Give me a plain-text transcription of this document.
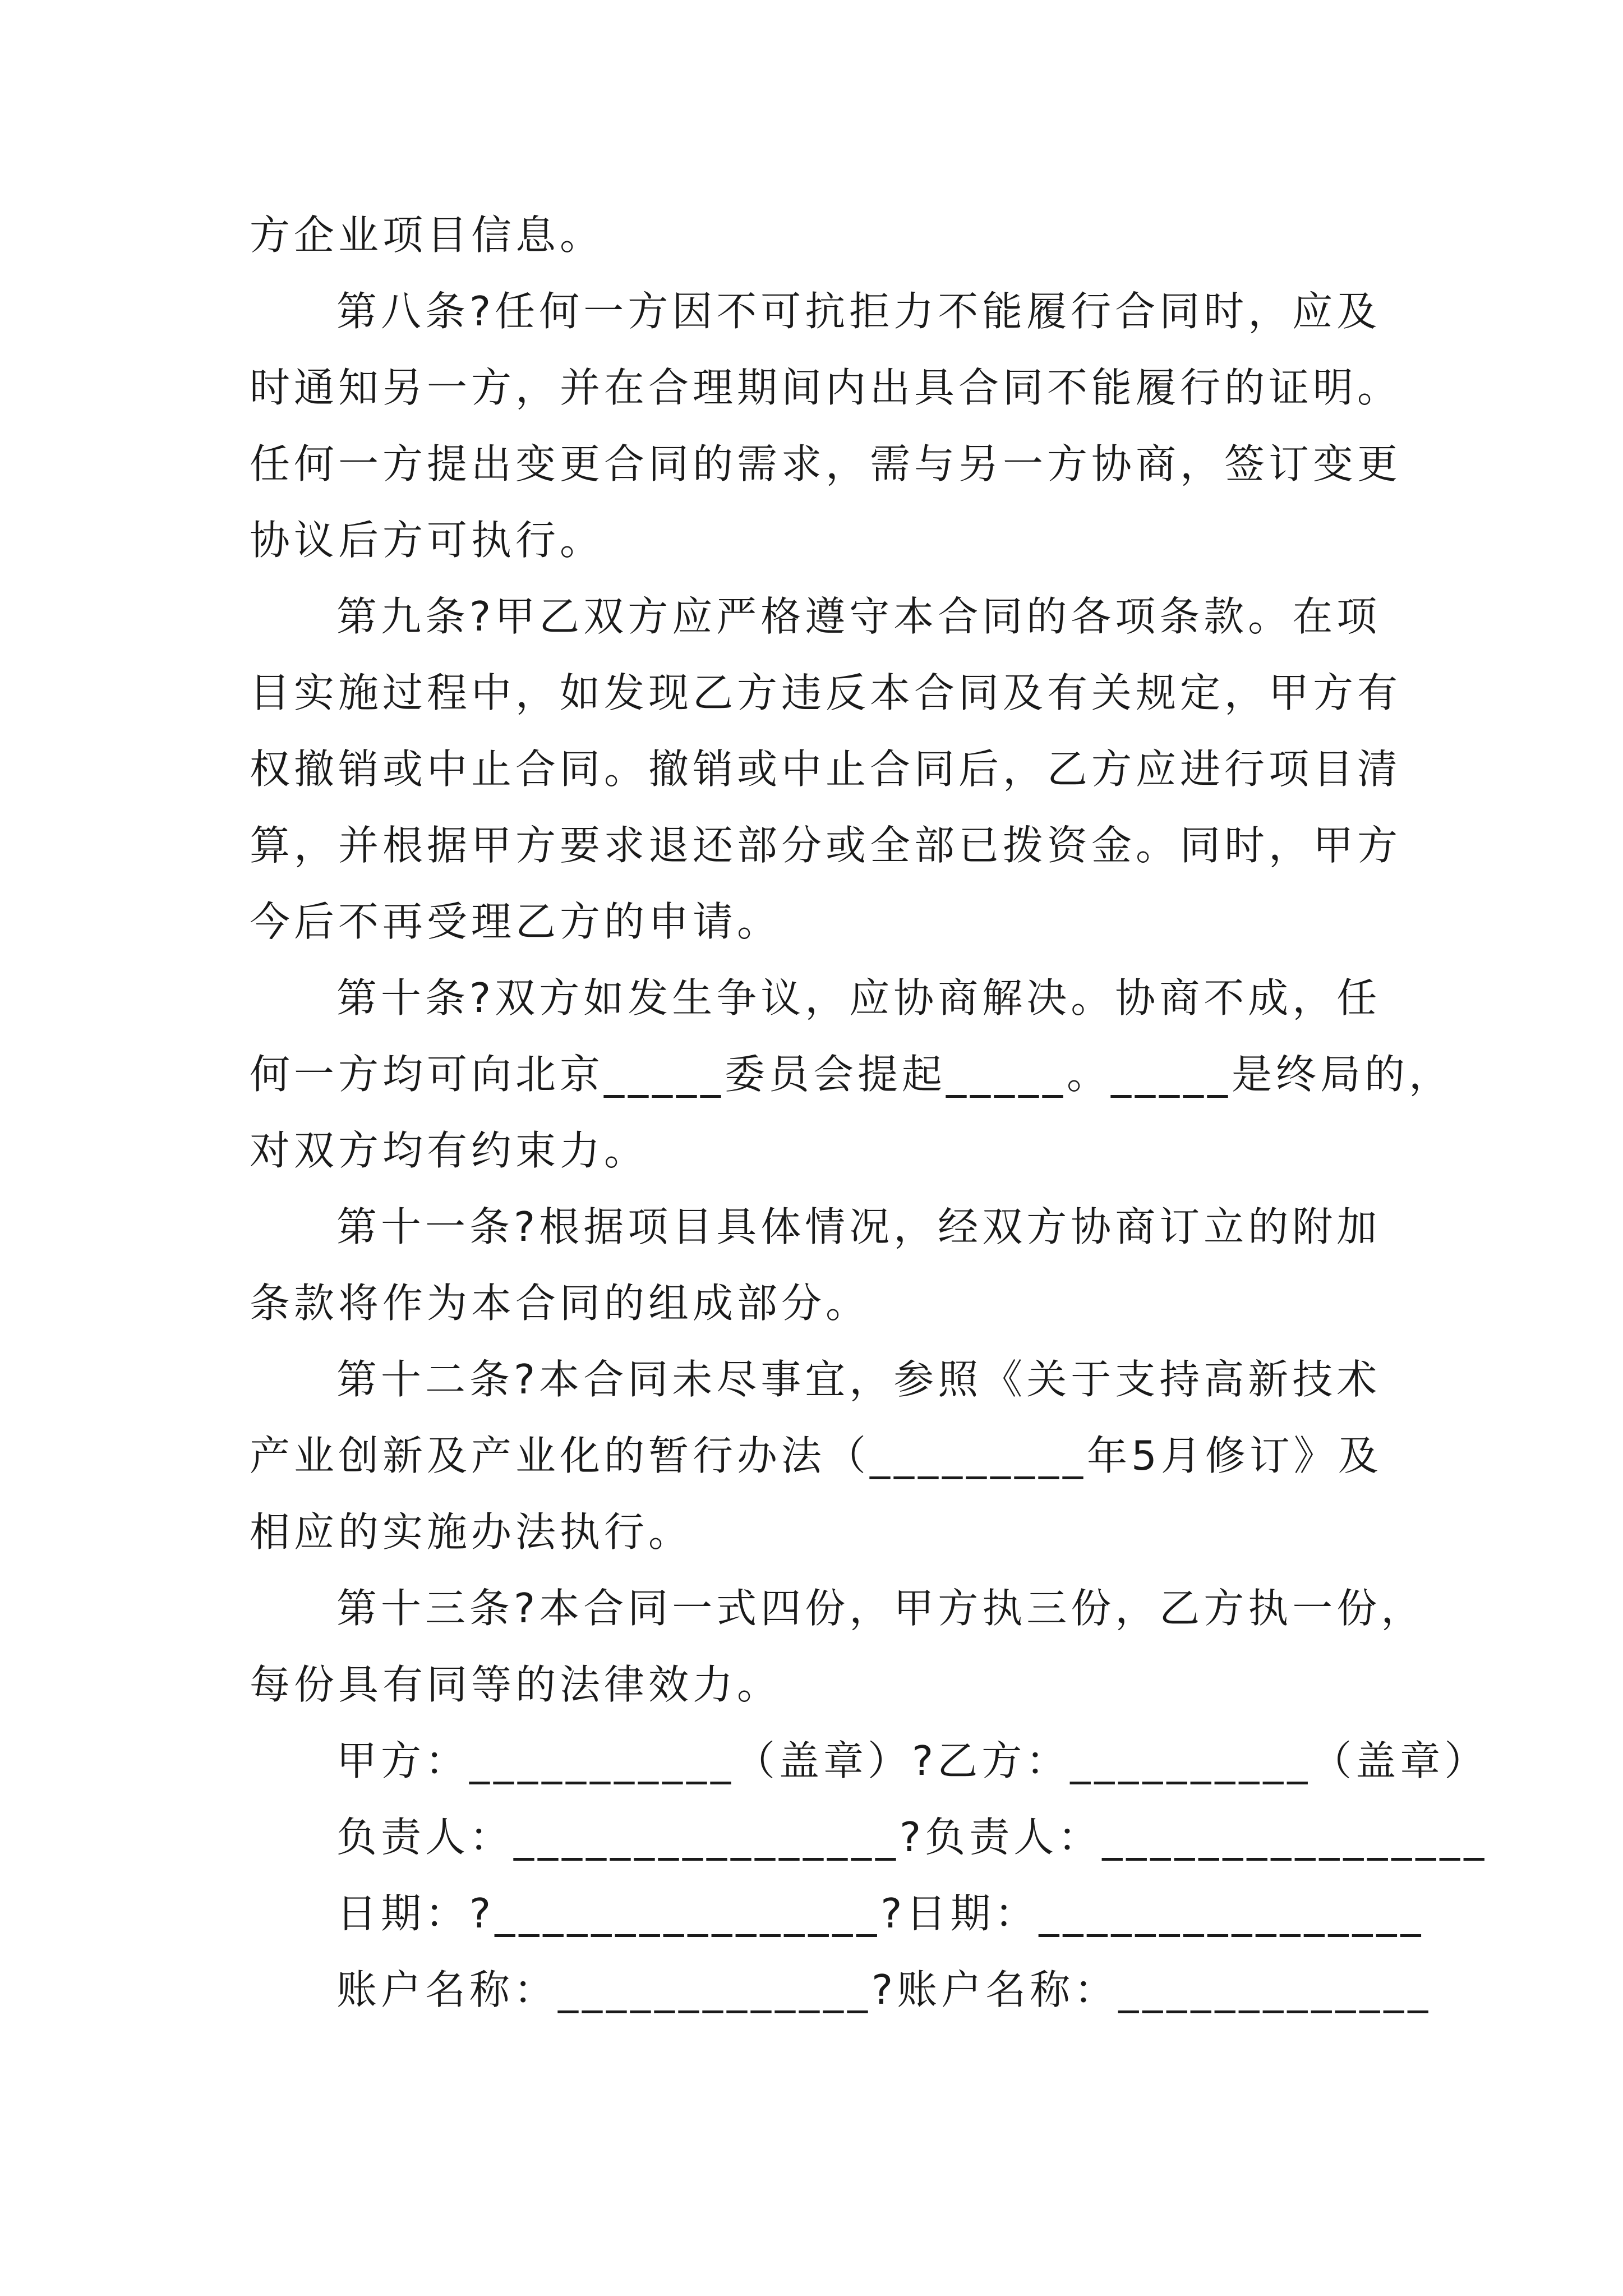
方企业项目信息。
第八条?任何一方因不可抗拒力不能履行合同时，应及
时通知另一方，并在合理期间内出具合同不能履行的证明。
任何一方提出变更合同的需求，需与另一方协商，签订变更
协议后方可执行。
第九条?甲乙双方应严格遵守本合同的各项条款。在项
目实施过程中，如发现乙方违反本合同及有关规定，甲方有
权撤销或中止合同。撤销或中止合同后，乙方应进行项目清
算，并根据甲方要求退还部分或全部已拨资金。同时，甲方
今后不再受理乙方的申请。
第十条?双方如发生争议，应协商解决。协商不成，任
何一方均可向北京_____委员会提起_____。_____是终局的，
对双方均有约束力。
第十一条?根据项目具体情况，经双方协商订立的附加
条款将作为本合同的组成部分。
第十二条?本合同未尽事宜，参照《关于支持高新技术
产业创新及产业化的暂行办法（_________年5月修订》及
相应的实施办法执行。
第十三条?本合同一式四份，甲方执三份，乙方执一份，
每份具有同等的法律效力。
甲方：___________（盖章）?乙方：__________（盖章）
负责人：________________?负责人：________________
日期：?________________?日期：________________
账户名称：_____________?账户名称：_____________
